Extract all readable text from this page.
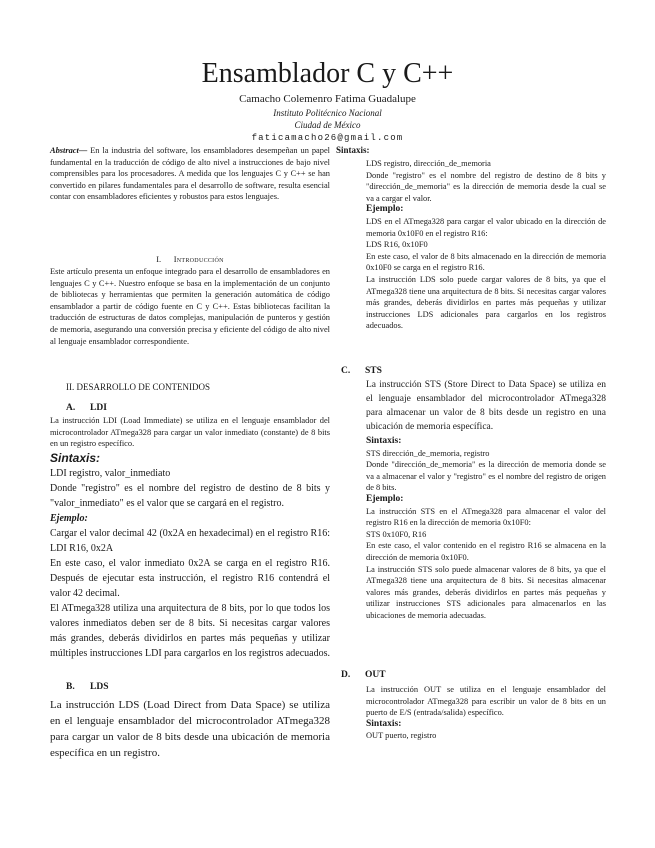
Ensamblador C y C++
Camacho Colemenro Fatima Guadalupe
Instituto Politécnico Nacional
Ciudad de México
faticamacho26@gmail.com

Abstract— En la industria del software, los ensambladores desempeñan un papel fundamental en la traducción de código de alto nivel a instrucciones de bajo nivel comprensibles para los procesadores. A medida que los lenguajes C y C++ se han convertido en pilares fundamentales para el desarrollo de software, resulta esencial contar con ensambladores eficientes y robustos para estos lenguajes.

I. Introducción
Este artículo presenta un enfoque integrado para el desarrollo de ensambladores en lenguajes C y C++. Nuestro enfoque se basa en la implementación de un conjunto de bibliotecas y herramientas que permiten la generación automática de código ensamblador a partir de código fuente en C y C++. Estas bibliotecas facilitan la traducción de estructuras de datos complejas, manipulación de punteros y gestión de memoria, asegurando una conversión precisa y eficiente del código de alto nivel al lenguaje ensamblador correspondiente.
II. DESARROLLO DE CONTENIDOS
A. LDI
La instrucción LDI (Load Immediate) se utiliza en el lenguaje ensamblador del microcontrolador ATmega328 para cargar un valor inmediato (constante) de 8 bits en un registro específico.
Sintaxis:

LDI registro, valor_inmediato

Donde "registro" es el nombre del registro de destino de 8 bits y "valor_inmediato" es el valor que se cargará en el registro.

Ejemplo:

Cargar el valor decimal 42 (0x2A en hexadecimal) en el registro R16: LDI R16, 0x2A

En este caso, el valor inmediato 0x2A se carga en el registro R16. Después de ejecutar esta instrucción, el registro R16 contendrá el valor 42 decimal.

El ATmega328 utiliza una arquitectura de 8 bits, por lo que todos los valores inmediatos deben ser de 8 bits. Si necesitas cargar valores más grandes, deberás dividirlos en partes más pequeñas y utilizar múltiples instrucciones LDI para cargarlos en los registros adecuados.

B. LDS
La instrucción LDS (Load Direct from Data Space) se utiliza en el lenguaje ensamblador del microcontrolador ATmega328 para cargar un valor de 8 bits desde una ubicación de memoria específica en un registro.
Sintaxis:

LDS registro, dirección_de_memoria

Donde "registro" es el nombre del registro de destino de 8 bits y "dirección_de_memoria" es la dirección de memoria desde la cual se va a cargar el valor.

Ejemplo:

LDS en el ATmega328 para cargar el valor ubicado en la dirección de memoria 0x10F0 en el registro R16:

LDS R16, 0x10F0

En este caso, el valor de 8 bits almacenado en la dirección de memoria 0x10F0 se carga en el registro R16.

La instrucción LDS solo puede cargar valores de 8 bits, ya que el ATmega328 tiene una arquitectura de 8 bits. Si necesitas cargar valores más grandes, deberás dividirlos en partes más pequeñas y utilizar instrucciones LDS adicionales para cargarlos en los registros adecuados.

C. STS
La instrucción STS (Store Direct to Data Space) se utiliza en el lenguaje ensamblador del microcontrolador ATmega328 para almacenar un valor de 8 bits desde un registro en una ubicación de memoria específica.

Sintaxis:

STS dirección_de_memoria, registro

Donde "dirección_de_memoria" es la dirección de memoria donde se va a almacenar el valor y "registro" es el nombre del registro de origen de 8 bits.

Ejemplo:

La instrucción STS en el ATmega328 para almacenar el valor del registro R16 en la dirección de memoria 0x10F0:

STS 0x10F0, R16

En este caso, el valor contenido en el registro R16 se almacena en la dirección de memoria 0x10F0.

La instrucción STS solo puede almacenar valores de 8 bits, ya que el ATmega328 tiene una arquitectura de 8 bits. Si necesitas almacenar valores más grandes, deberás dividirlos en partes más pequeñas y utilizar instrucciones STS adicionales para almacenarlos en las ubicaciones de memoria adecuadas.

D. OUT

La instrucción OUT se utiliza en el lenguaje ensamblador del microcontrolador ATmega328 para escribir un valor de 8 bits en un puerto de E/S (entrada/salida) específico.

Sintaxis:

OUT puerto, registro
